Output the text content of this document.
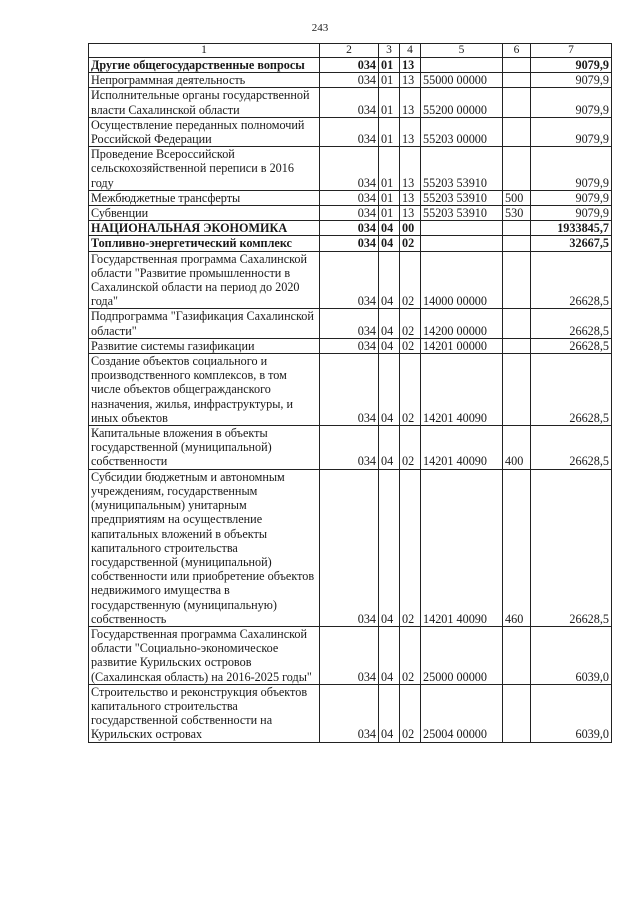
243
1	2	3	4	5	6	7
Другие общегосударственные вопросы	034	01	13			9079,9
Непрограммная деятельность	034	01	13	55000 00000		9079,9
Исполнительные органы государственной власти Сахалинской области	034	01	13	55200 00000		9079,9
Осуществление переданных полномочий Российской Федерации	034	01	13	55203 00000		9079,9
Проведение Всероссийской сельскохозяйственной переписи в 2016 году	034	01	13	55203 53910		9079,9
Межбюджетные трансферты	034	01	13	55203 53910	500	9079,9
Субвенции	034	01	13	55203 53910	530	9079,9
НАЦИОНАЛЬНАЯ ЭКОНОМИКА	034	04	00			1933845,7
Топливно-энергетический комплекс	034	04	02			32667,5
Государственная программа Сахалинской области "Развитие промышленности в Сахалинской области на период до 2020 года"	034	04	02	14000 00000		26628,5
Подпрограмма "Газификация Сахалинской области"	034	04	02	14200 00000		26628,5
Развитие системы газификации	034	04	02	14201 00000		26628,5
Создание объектов социального и производственного комплексов, в том числе объектов общегражданского назначения, жилья, инфраструктуры, и иных объектов	034	04	02	14201 40090		26628,5
Капитальные вложения в объекты государственной (муниципальной) собственности	034	04	02	14201 40090	400	26628,5
Субсидии бюджетным и автономным учреждениям, государственным (муниципальным) унитарным предприятиям на осуществление капитальных вложений в объекты капитального строительства государственной (муниципальной) собственности или приобретение объектов недвижимого имущества в государственную (муниципальную) собственность	034	04	02	14201 40090	460	26628,5
Государственная программа Сахалинской области "Социально-экономическое развитие Курильских островов (Сахалинская область) на 2016-2025 годы"	034	04	02	25000 00000		6039,0
Строительство и реконструкция объектов капитального строительства государственной собственности на Курильских островах	034	04	02	25004 00000		6039,0
